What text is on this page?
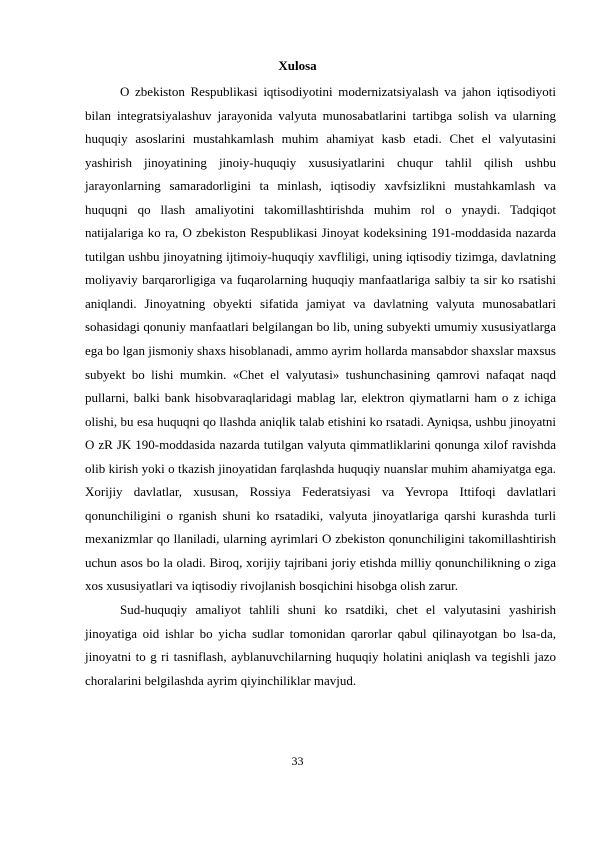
Xulosa

O zbekiston Respublikasi iqtisodiyotini modernizatsiyalash va jahon iqtisodiyoti bilan integratsiyalashuv jarayonida valyuta munosabatlarini tartibga solish va ularning huquqiy asoslarini mustahkamlash muhim ahamiyat kasb etadi. Chet el valyutasini yashirish jinoyatining jinoiy-huquqiy xususiyatlarini chuqur tahlil qilish ushbu jarayonlarning samaradorligini ta minlash, iqtisodiy xavfsizlikni mustahkamlash va huquqni qo llash amaliyotini takomillashtirishda muhim rol o ynaydi. Tadqiqot natijalariga ko ra, O zbekiston Respublikasi Jinoyat kodeksining 191-moddasida nazarda tutilgan ushbu jinoyatning ijtimoiy-huquqiy xavfliligi, uning iqtisodiy tizimga, davlatning moliyaviy barqarorligiga va fuqarolarning huquqiy manfaatlariga salbiy ta sir ko rsatishi aniqlandi. Jinoyatning obyekti sifatida jamiyat va davlatning valyuta munosabatlari sohasidagi qonuniy manfaatlari belgilangan bo lib, uning subyekti umumiy xususiyatlarga ega bo lgan jismoniy shaxs hisoblanadi, ammo ayrim hollarda mansabdor shaxslar maxsus subyekt bo lishi mumkin. «Chet el valyutasi» tushunchasining qamrovi nafaqat naqd pullarni, balki bank hisobvaraqlaridagi mablag lar, elektron qiymatlarni ham o z ichiga olishi, bu esa huquqni qo llashda aniqlik talab etishini ko rsatadi. Ayniqsa, ushbu jinoyatni O zR JK 190-moddasida nazarda tutilgan valyuta qimmatliklarini qonunga xilof ravishda olib kirish yoki o tkazish jinoyatidan farqlashda huquqiy nuanslar muhim ahamiyatga ega. Xorijiy davlatlar, xususan, Rossiya Federatsiyasi va Yevropa Ittifoqi davlatlari qonunchiligini o rganish shuni ko rsatadiki, valyuta jinoyatlariga qarshi kurashda turli mexanizmlar qo llaniladi, ularning ayrimlari O zbekiston qonunchiligini takomillashtirish uchun asos bo la oladi. Biroq, xorijiy tajribani joriy etishda milliy qonunchilikning o ziga xos xususiyatlari va iqtisodiy rivojlanish bosqichini hisobga olish zarur.

Sud-huquqiy amaliyot tahlili shuni ko rsatdiki, chet el valyutasini yashirish jinoyatiga oid ishlar bo yicha sudlar tomonidan qarorlar qabul qilinayotgan bo lsa-da, jinoyatni to g ri tasniflash, ayblanuvchilarning huquqiy holatini aniqlash va tegishli jazo choralarini belgilashda ayrim qiyinchiliklar mavjud.

33
